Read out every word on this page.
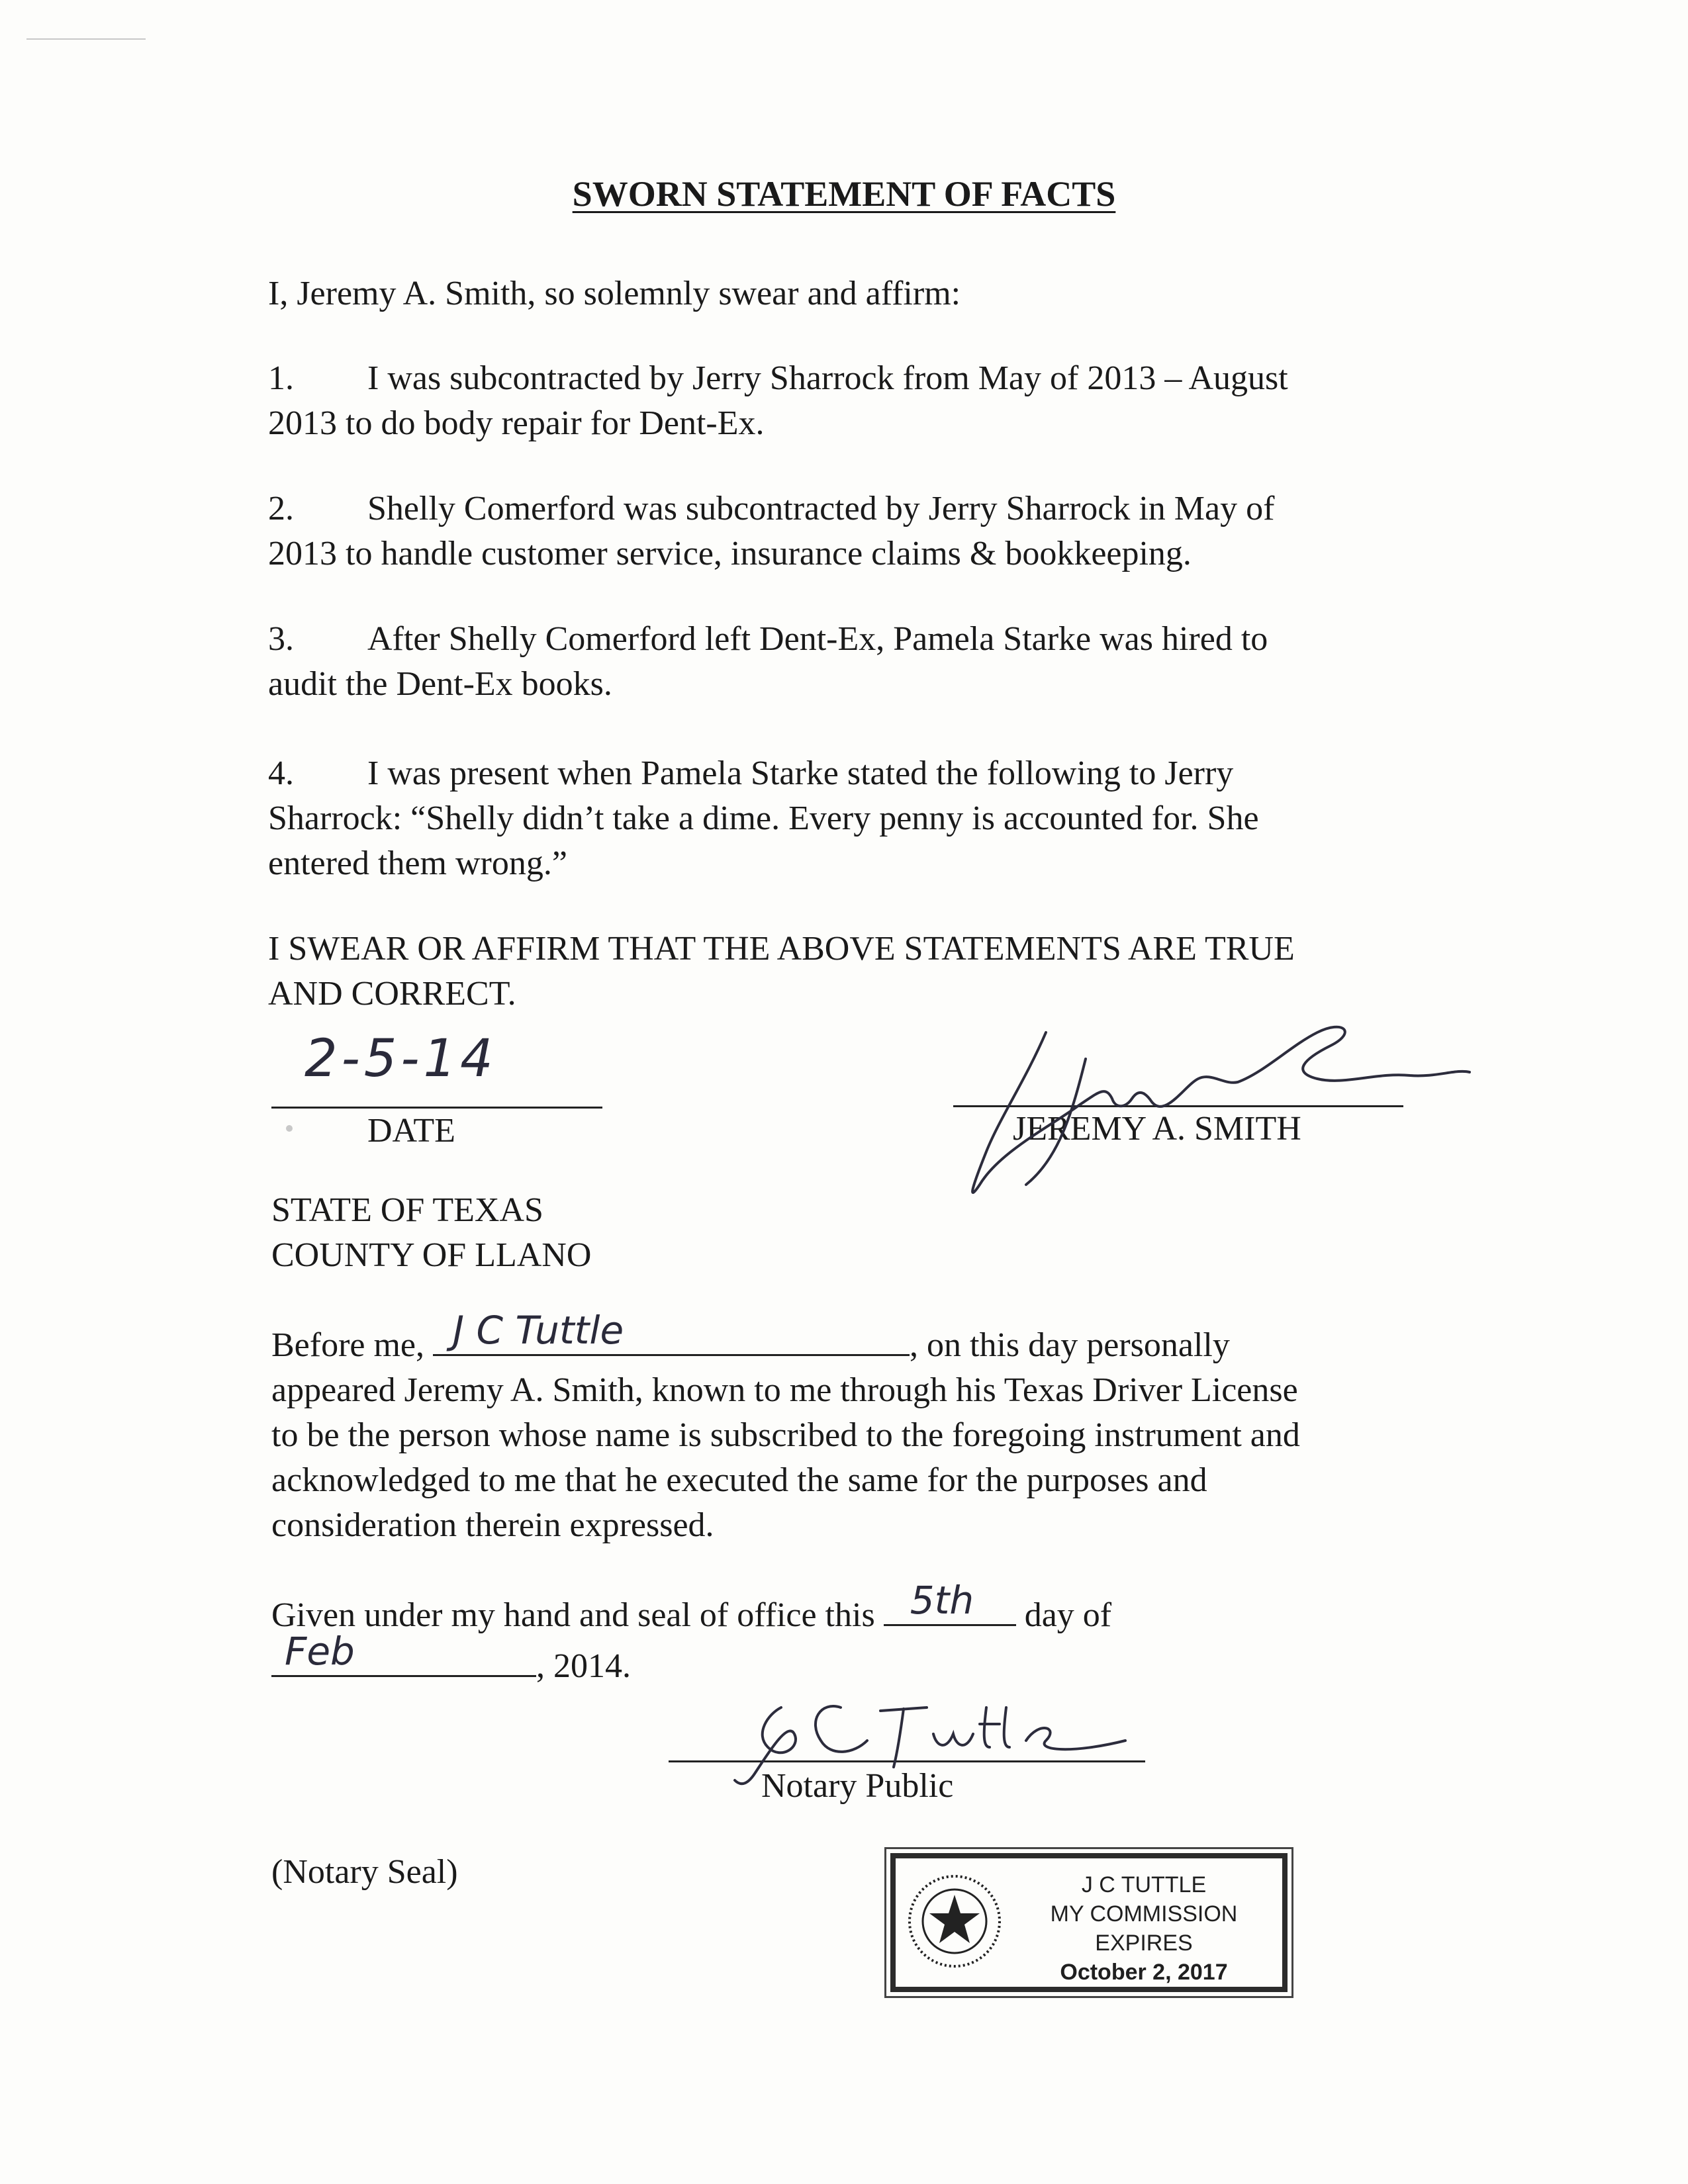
SWORN STATEMENT OF FACTS
I, Jeremy A. Smith, so solemnly swear and affirm:
1. I was subcontracted by Jerry Sharrock from May of 2013 – August
2013 to do body repair for Dent-Ex.
2. Shelly Comerford was subcontracted by Jerry Sharrock in May of
2013 to handle customer service, insurance claims & bookkeeping.
3. After Shelly Comerford left Dent-Ex, Pamela Starke was hired to
audit the Dent-Ex books.
4. I was present when Pamela Starke stated the following to Jerry
Sharrock: “Shelly didn’t take a dime. Every penny is accounted for. She
entered them wrong.”
I SWEAR OR AFFIRM THAT THE ABOVE STATEMENTS ARE TRUE
AND CORRECT.
2-5-14
DATE	JEREMY A. SMITH
STATE OF TEXAS
COUNTY OF LLANO
Before me, J C Tuttle	, on this day personally
appeared Jeremy A. Smith, known to me through his Texas Driver License
to be the person whose name is subscribed to the foregoing instrument and
acknowledged to me that he executed the same for the purposes and
consideration therein expressed.
Given under my hand and seal of office this 5th day of
Feb	, 2014.
Notary Public
(Notary Seal)	J C TUTTLE
MY COMMISSION EXPIRES
October 2, 2017
